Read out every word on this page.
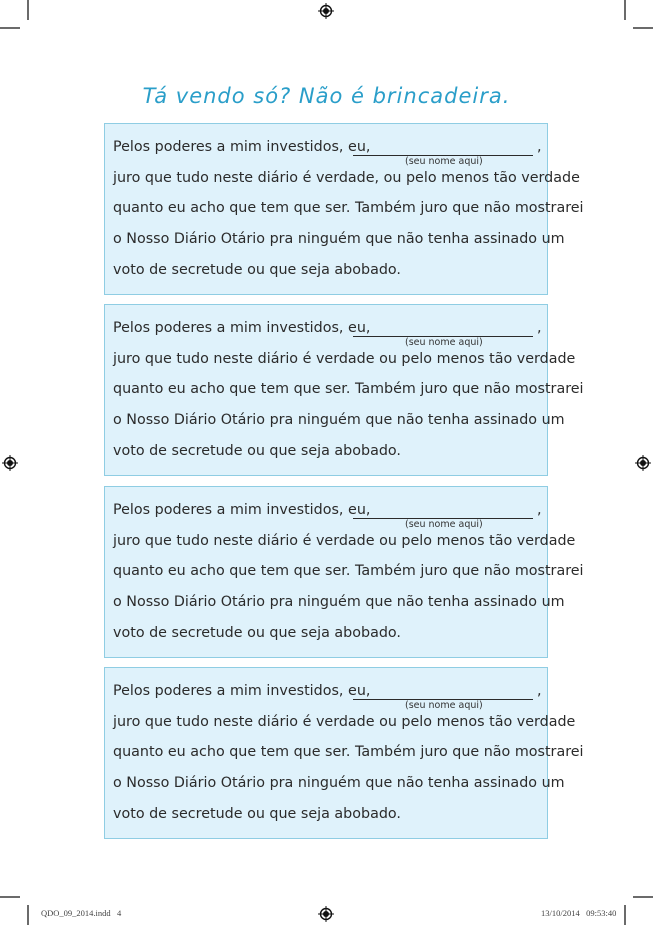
Tá vendo só? Não é brincadeira.
Pelos poderes a mim investidos, eu,	,
(seu nome aqui)
juro que tudo neste diário é verdade, ou pelo menos tão verdade
quanto eu acho que tem que ser. Também juro que não mostrarei
o Nosso Diário Otário pra ninguém que não tenha assinado um
voto de secretude ou que seja abobado.
Pelos poderes a mim investidos, eu,	,
(seu nome aqui)
juro que tudo neste diário é verdade ou pelo menos tão verdade
quanto eu acho que tem que ser. Também juro que não mostrarei
o Nosso Diário Otário pra ninguém que não tenha assinado um
voto de secretude ou que seja abobado.
Pelos poderes a mim investidos, eu,	,
(seu nome aqui)
juro que tudo neste diário é verdade ou pelo menos tão verdade
quanto eu acho que tem que ser. Também juro que não mostrarei
o Nosso Diário Otário pra ninguém que não tenha assinado um
voto de secretude ou que seja abobado.
Pelos poderes a mim investidos, eu,	,
(seu nome aqui)
juro que tudo neste diário é verdade ou pelo menos tão verdade
quanto eu acho que tem que ser. Também juro que não mostrarei
o Nosso Diário Otário pra ninguém que não tenha assinado um
voto de secretude ou que seja abobado.
QDO_09_2014.indd   4	13/10/2014   09:53:40
